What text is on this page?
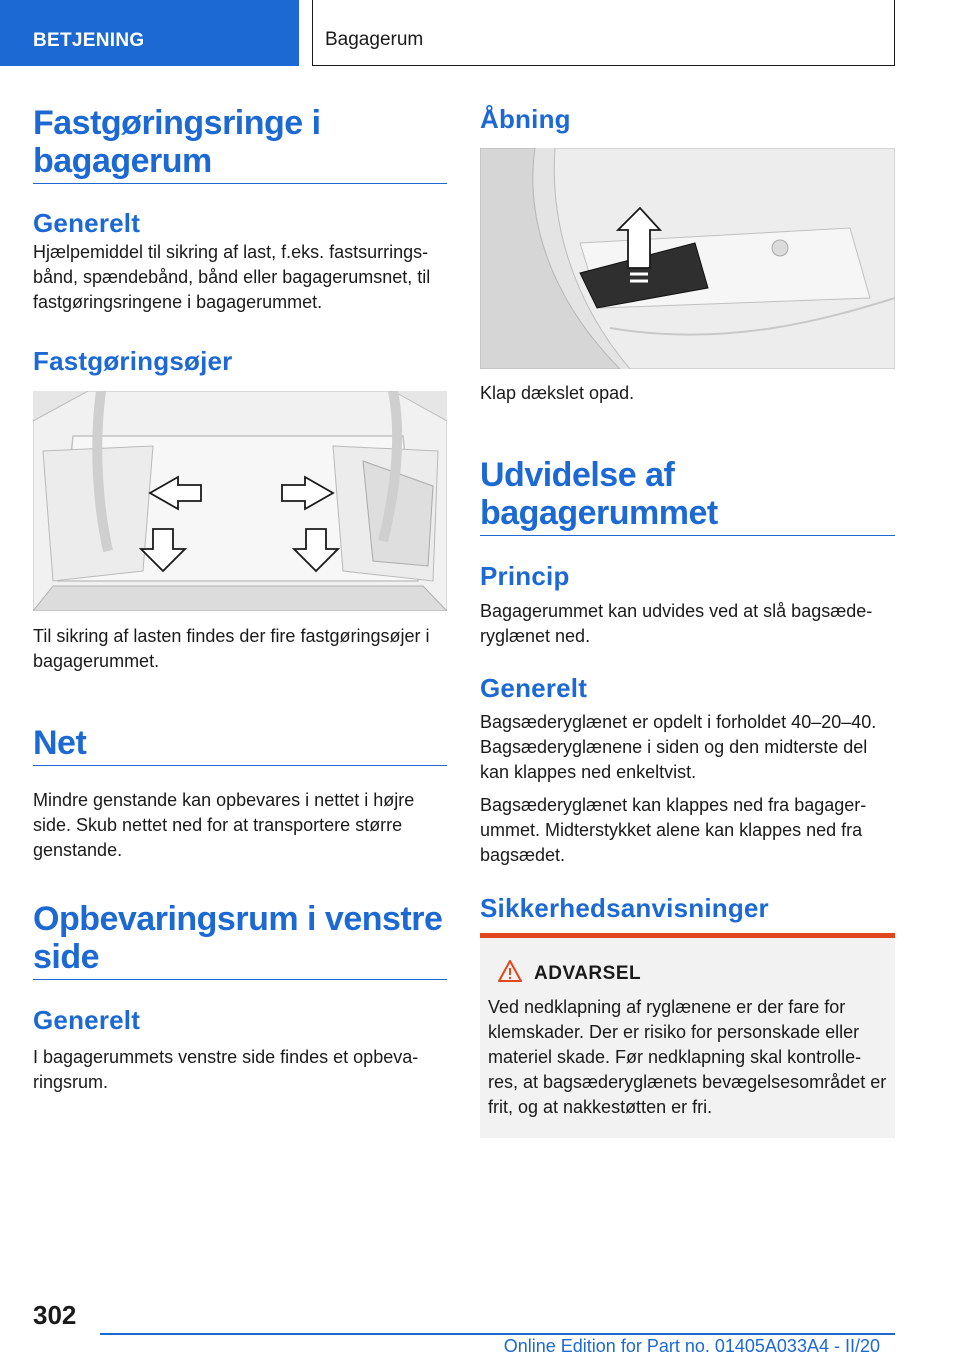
BETJENING	Bagagerum
Fastgøringsringe i bagagerum
Generelt

Hjælpemiddel til sikring af last, f.eks. fastsurrings-bånd, spændebånd, bånd eller bagagerumsnet, til fastgøringsringene i bagagerummet.

Fastgøringsøjer

Til sikring af lasten findes der fire fastgøringsøjer i bagagerummet.

Net

Mindre genstande kan opbevares i nettet i højre side. Skub nettet ned for at transportere større genstande.

Opbevaringsrum i venstre side
Generelt

I bagagerummets venstre side findes et opbeva-ringsrum.

Åbning

Klap dækslet opad.

Udvidelse af bagagerummet
Princip

Bagagerummet kan udvides ved at slå bagsæde-ryglænet ned.

Generelt

Bagsæderyglænet er opdelt i forholdet 40–20–40. Bagsæderyglænene i siden og den midterste del kan klappes ned enkeltvist.

Bagsæderyglænet kan klappes ned fra bagager-ummet. Midterstykket alene kan klappes ned fra bagsædet.

Sikkerhedsanvisninger
ADVARSEL
Ved nedklapning af ryglænene er der fare for klemskader. Der er risiko for personskade eller materiel skade. Før nedklapning skal kontrolle-res, at bagsæderyglænets bevægelsesområdet er frit, og at nakkestøtten er fri.
302
Online Edition for Part no. 01405A033A4 - II/20
